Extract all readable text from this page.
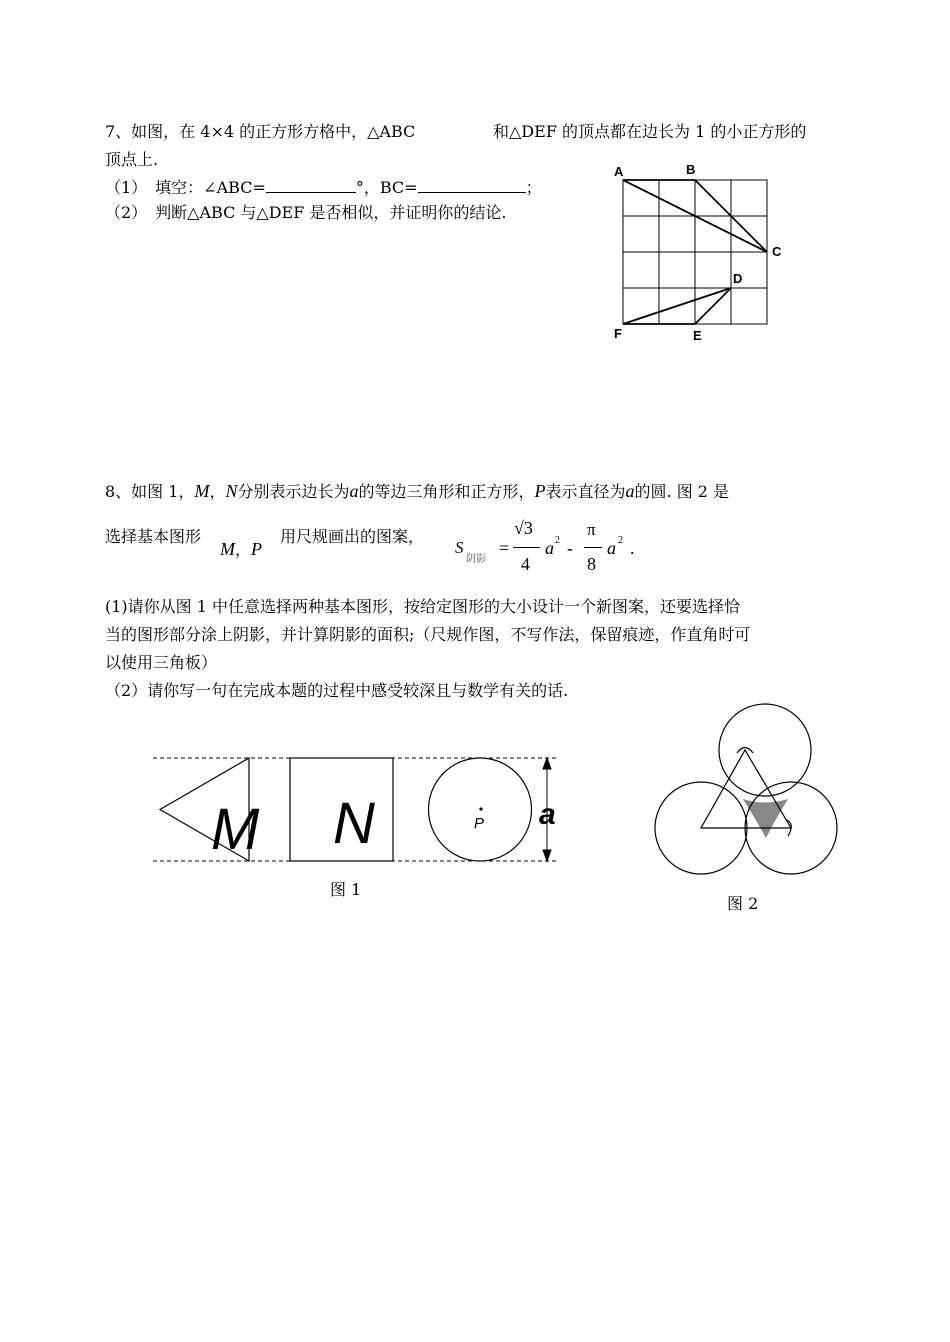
7、如图，在 4×4 的正方形方格中，△ABC	和△DEF 的顶点都在边长为 1 的小正方形的
顶点上.
（1）　填空：∠ABC=	°，BC=	；
（2）　判断△ABC 与△DEF 是否相似，并证明你的结论.
A	B
C
D
E
F
8、如图 1，M，N分别表示边长为a的等边三角形和正方形，P表示直径为a的圆. 图 2 是
选择基本图形
M，P
用尺规画出的图案，
S
阴影
=
√3
4
a 2 -
π
8
a 2 .
(1)请你从图 1 中任意选择两种基本图形，按给定图形的大小设计一个新图案，还要选择恰
当的图形部分涂上阴影，并计算阴影的面积;（尺规作图，不写作法，保留痕迹，作直角时可
以使用三角板）
（2）请你写一句在完成本题的过程中感受较深且与数学有关的话.
M N	P a
图 1
图 2
